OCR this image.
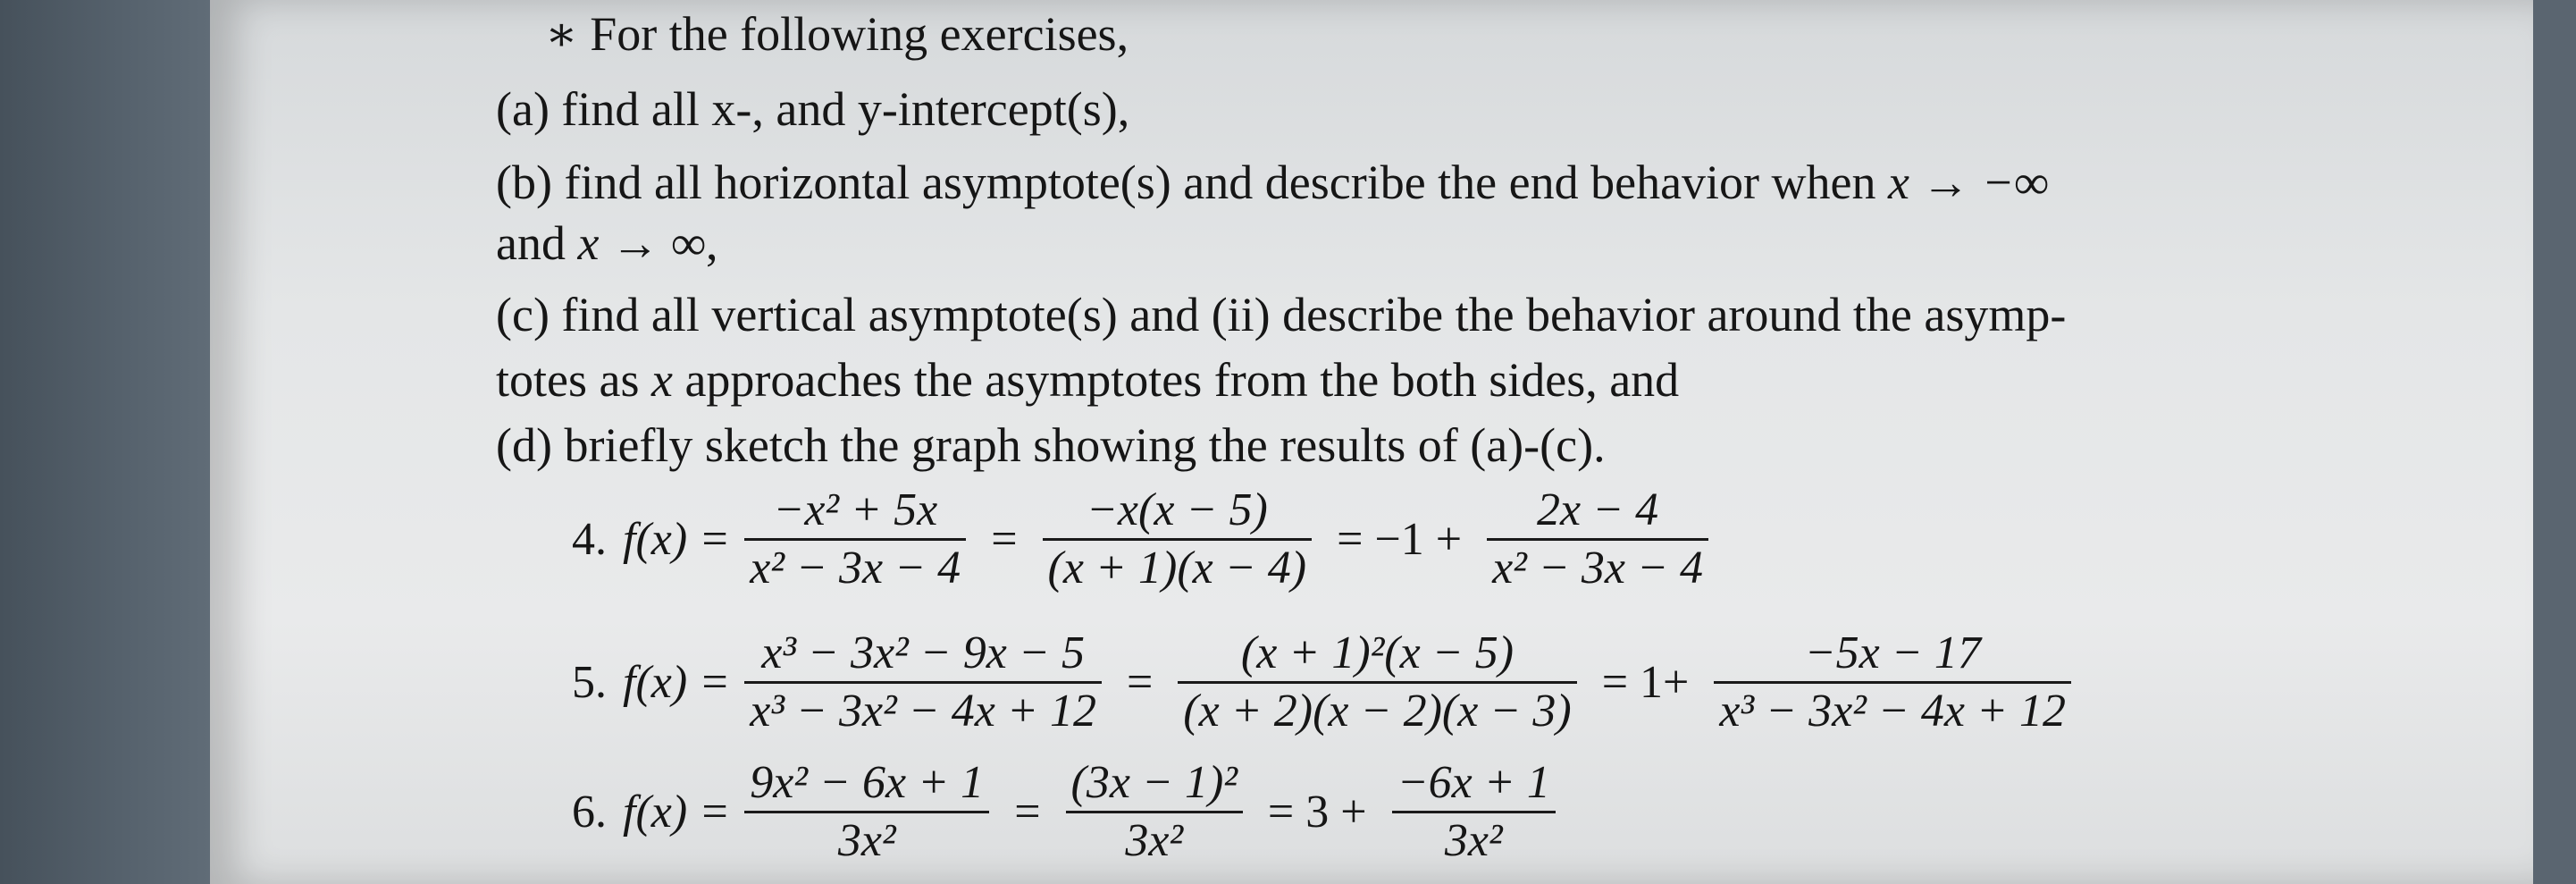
∗ For the following exercises,
(a) find all x-, and y-intercept(s),
(b) find all horizontal asymptote(s) and describe the end behavior when x → −∞
and x → ∞,
(c) find all vertical asymptote(s) and (ii) describe the behavior around the asymp-
totes as x approaches the asymptotes from the both sides, and
(d) briefly sketch the graph showing the results of (a)-(c).
4. $f(x) = \frac{\text{−x² + 5x}}{\text{x² − 3x − 4}} = \frac{-x(x - 5)}{(x + 1)(x - 4)} = -1 + \frac{2x - 4}{\text{x² − 3x − 4}}$
5. $f(x) = \frac{\text{x³ − 3x² − 9x − 5}}{\text{x³ − 3x² − 4x + 12}} = \frac{\text{(x + 1)²(x − 5)}}{(x + 2)(x - 2)(x - 3)} = 1+ \frac{-5x - 17}{\text{x³ − 3x² − 4x + 12}}$
6. $f(x) = \frac{\text{9x² − 6x + 1}}{\text{3x²}} = \frac{\text{(3x − 1)²}}{\text{3x²}} = 3 + \frac{-6x + 1}{\text{3x²}}$
